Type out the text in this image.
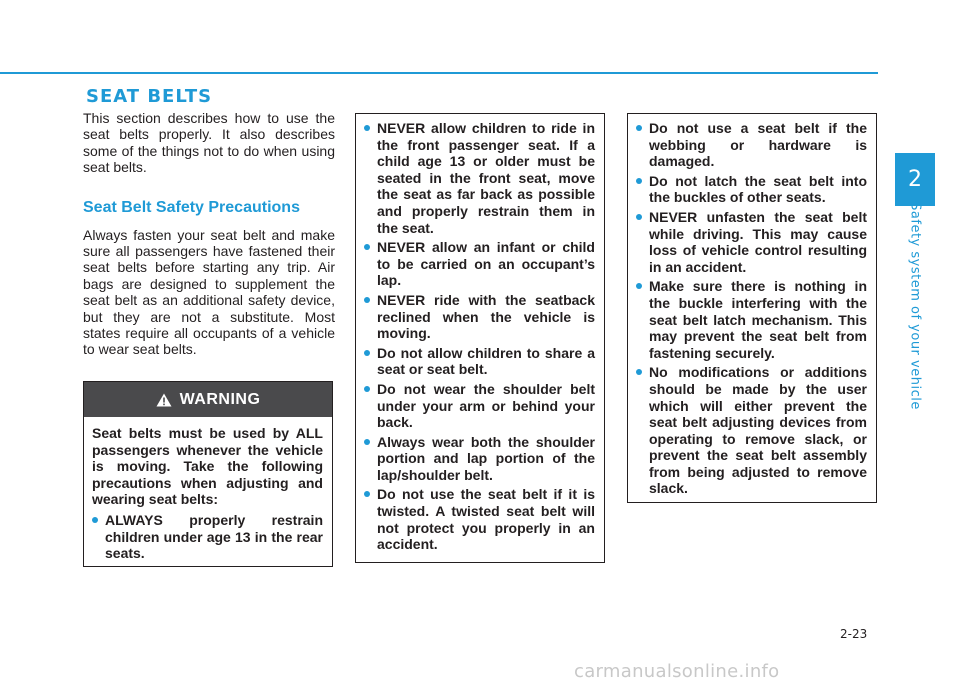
SEAT BELTS

This section describes how to use the seat belts properly. It also describes some of the things not to do when using seat belts.

Seat Belt Safety Precautions

Always fasten your seat belt and make sure all passengers have fastened their seat belts before starting any trip. Air bags are designed to supplement the seat belt as an additional safety device, but they are not a substitute. Most states require all occupants of a vehicle to wear seat belts.

WARNING

Seat belts must be used by ALL passengers whenever the vehicle is moving. Take the following precautions when adjusting and wearing seat belts:

ALWAYS properly restrain children under age 13 in the rear seats.
NEVER allow children to ride in the front passenger seat. If a child age 13 or older must be seated in the front seat, move the seat as far back as possible and properly restrain them in the seat.
NEVER allow an infant or child to be carried on an occupant’s lap.
NEVER ride with the seatback reclined when the vehicle is moving.
Do not allow children to share a seat or seat belt.
Do not wear the shoulder belt under your arm or behind your back.
Always wear both the shoulder portion and lap portion of the lap/shoulder belt.
Do not use the seat belt if it is twisted. A twisted seat belt will not protect you properly in an accident.
Do not use a seat belt if the webbing or hardware is damaged.
Do not latch the seat belt into the buckles of other seats.
NEVER unfasten the seat belt while driving. This may cause loss of vehicle control resulting in an accident.
Make sure there is nothing in the buckle interfering with the seat belt latch mechanism. This may prevent the seat belt from fastening securely.
No modifications or additions should be made by the user which will either prevent the seat belt adjusting devices from operating to remove slack, or prevent the seat belt assembly from being adjusted to remove slack.
2
Safety system of your vehicle
2-23
carmanualsonline.info
